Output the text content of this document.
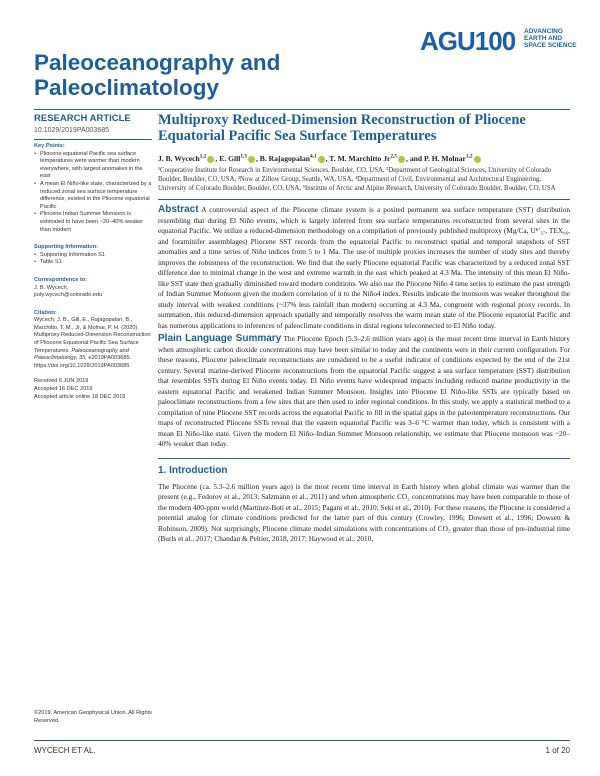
AGU100 ADVANCING EARTH AND SPACE SCIENCE
Paleoceanography and Paleoclimatology
RESEARCH ARTICLE
10.1029/2019PA003685
Key Points:
• Pliocene equatorial Pacific sea surface temperatures were warmer than modern everywhere, with largest anomalies in the east
• A mean El Niño-like state, characterized by a reduced zonal sea surface temperature difference, existed in the Pliocene equatorial Pacific
• Pliocene Indian Summer Monsoon is estimated to have been ~20–40% weaker than modern
Supporting Information:
• Supporting Information S1
• Table S1
Correspondence to:

J. B. Wycech,

jody.wycech@colorado.edu

Citation:

Wycech, J. B., Gill, E., Rajagopalan, B., Marchitto, T. M., Jr, & Molnar, P. H. (2020). Multiproxy Reduced-Dimension Reconstruction of Pliocene Equatorial Pacific Sea Surface Temperatures. Paleoceanography and Paleoclimatology, 35, e2019PA003685. https://doi.org/10.1029/2019PA003685

Received 6 JUN 2019

Accepted 16 DEC 2019

Accepted article online 18 DEC 2019

©2019. American Geophysical Union. All Rights Reserved.
Multiproxy Reduced-Dimension Reconstruction of Pliocene Equatorial Pacific Sea Surface Temperatures
J. B. Wycech$^{1,2}$ , E. Gill$^{1,3}$ , B. Rajagopalan$^{4,1}$ , T. M. Marchitto Jr$^{2,5}$ , and P. H. Molnar$^{1,2}$
¹Cooperative Institute for Research in Environmental Sciences, Boulder, CO, USA, ²Department of Geological Sciences, University of Colorado Boulder, Boulder, CO, USA, ³Now at Zillow Group, Seattle, WA, USA, ⁴Department of Civil, Environmental and Architectural Engineering, University of Colorado Boulder, Boulder, CO, USA, ⁵Institute of Arctic and Alpine Research, University of Colorado Boulder, Boulder, CO, USA
Abstract A controversial aspect of the Pliocene climate system is a posited permanent sea surface temperature (SST) distribution resembling that during El Niño events, which is largely inferred from sea surface temperatures reconstructed from several sites in the equatorial Pacific. We utilize a reduced-dimension methodology on a compilation of previously published multiproxy (Mg/Ca, Uᴷ'₃₇, TEX₈₆, and foraminifer assemblages) Pliocene SST records from the equatorial Pacific to reconstruct spatial and temporal snapshots of SST anomalies and a time series of Niño indices from 5 to 1 Ma. The use of multiple proxies increases the number of study sites and thereby improves the robustness of the reconstruction. We find that the early Pliocene equatorial Pacific was characterized by a reduced zonal SST difference due to minimal change in the west and extreme warmth in the east which peaked at 4.3 Ma. The intensity of this mean El Niño-like SST state then gradually diminished toward modern conditions. We also use the Pliocene Niño 4 time series to estimate the past strength of Indian Summer Monsoon given the modern correlation of it to the Niño4 index. Results indicate the monsoon was weaker throughout the study interval with weakest conditions (~37% less rainfall than modern) occurring at 4.3 Ma, congruent with regional proxy records. In summation, this reduced-dimension approach spatially and temporally resolves the warm mean state of the Pliocene equatorial Pacific and has numerous applications to inferences of paleoclimate conditions in distal regions teleconnected to El Niño today.
Plain Language Summary The Pliocene Epoch (5.3–2.6 million years ago) is the most recent time interval in Earth history when atmospheric carbon dioxide concentrations may have been similar to today and the continents were in their current configuration. For these reasons, Pliocene paleoclimate reconstructions are considered to be a useful indicator of conditions expected by the end of the 21st century. Several marine-derived Pliocene reconstructions from the equatorial Pacific suggest a sea surface temperature (SST) distribution that resembles SSTs during El Niño events today. El Niño events have widespread impacts including reduced marine productivity in the eastern equatorial Pacific and weakened Indian Summer Monsoon. Insights into Pliocene El Niño-like SSTs are typically based on paleoclimate reconstructions from a few sites that are then used to infer regional conditions. In this study, we apply a statistical method to a compilation of nine Pliocene SST records across the equatorial Pacific to fill in the spatial gaps in the paleotemperature reconstructions. Our maps of reconstructed Pliocene SSTs reveal that the eastern equatorial Pacific was 3–6 °C warmer than today, which is consistent with a mean El Niño-like state. Given the modern El Niño–Indian Summer Monsoon relationship, we estimate that Pliocene monsoon was ~20–40% weaker than today.
1. Introduction
The Pliocene (ca. 5.3–2.6 million years ago) is the most recent time interval in Earth history when global climate was warmer than the present (e.g., Fedorov et al., 2013; Salzmann et al., 2011) and when atmospheric CO₂ concentrations may have been comparable to those of the modern 400-ppm world (Martínez-Botí et al., 2015; Pagani et al., 2010; Seki et al., 2010). For these reasons, the Pliocene is considered a potential analog for climate conditions predicted for the latter part of this century (Crowley, 1996; Dowsett et al., 1996; Dowsett & Robinson, 2009). Not surprisingly, Pliocene climate model simulations with concentrations of CO₂ greater than those of pre-industrial time (Burls et al., 2017; Chandan & Peltier, 2018, 2017; Haywood et al., 2010,
WYCECH ET AL.	1 of 20
